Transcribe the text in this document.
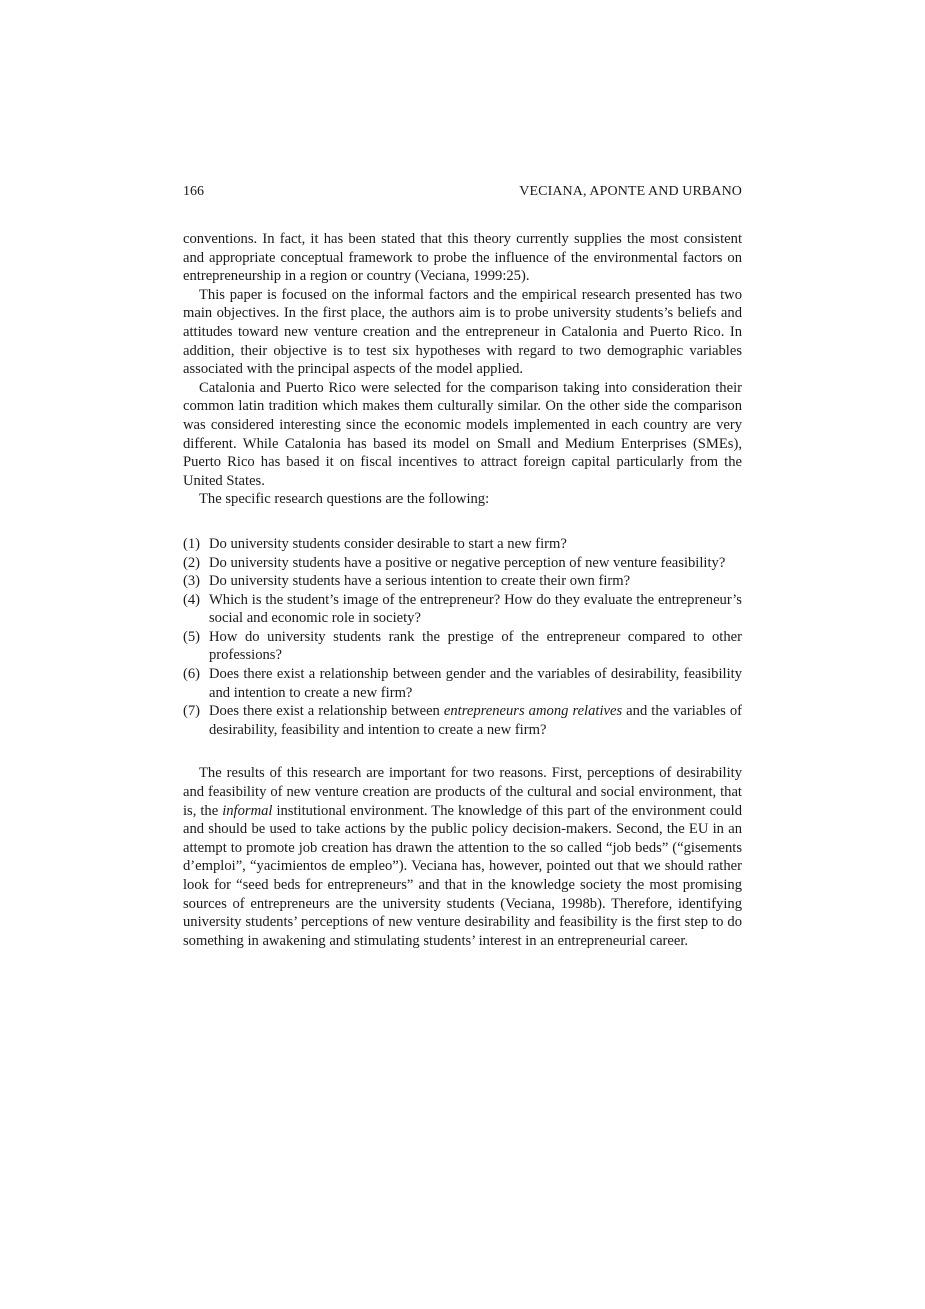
166	VECIANA, APONTE AND URBANO

conventions. In fact, it has been stated that this theory currently supplies the most consistent and appropriate conceptual framework to probe the influence of the environmental factors on entrepreneurship in a region or country (Veciana, 1999:25).

This paper is focused on the informal factors and the empirical research presented has two main objectives. In the first place, the authors aim is to probe university students’s beliefs and attitudes toward new venture creation and the entrepreneur in Catalonia and Puerto Rico. In addition, their objective is to test six hypotheses with regard to two demographic variables associated with the principal aspects of the model applied.

Catalonia and Puerto Rico were selected for the comparison taking into consideration their common latin tradition which makes them culturally similar. On the other side the comparison was considered interesting since the economic models implemented in each country are very different. While Catalonia has based its model on Small and Medium Enterprises (SMEs), Puerto Rico has based it on fiscal incentives to attract foreign capital particularly from the United States.

The specific research questions are the following:

(1) Do university students consider desirable to start a new firm?
(2) Do university students have a positive or negative perception of new venture feasibility?
(3) Do university students have a serious intention to create their own firm?
(4) Which is the student’s image of the entrepreneur? How do they evaluate the entrepreneur’s social and economic role in society?
(5) How do university students rank the prestige of the entrepreneur compared to other professions?
(6) Does there exist a relationship between gender and the variables of desirability, feasibility and intention to create a new firm?
(7) Does there exist a relationship between entrepreneurs among relatives and the variables of desirability, feasibility and intention to create a new firm?

The results of this research are important for two reasons. First, perceptions of desirability and feasibility of new venture creation are products of the cultural and social environment, that is, the informal institutional environment. The knowledge of this part of the environment could and should be used to take actions by the public policy decision-makers. Second, the EU in an attempt to promote job creation has drawn the attention to the so called “job beds” (“gisements d’emploi”, “yacimientos de empleo”). Veciana has, however, pointed out that we should rather look for “seed beds for entrepreneurs” and that in the knowledge society the most promising sources of entrepreneurs are the university students (Veciana, 1998b). Therefore, identifying university students’ perceptions of new venture desirability and feasibility is the first step to do something in awakening and stimulating students’ interest in an entrepreneurial career.
